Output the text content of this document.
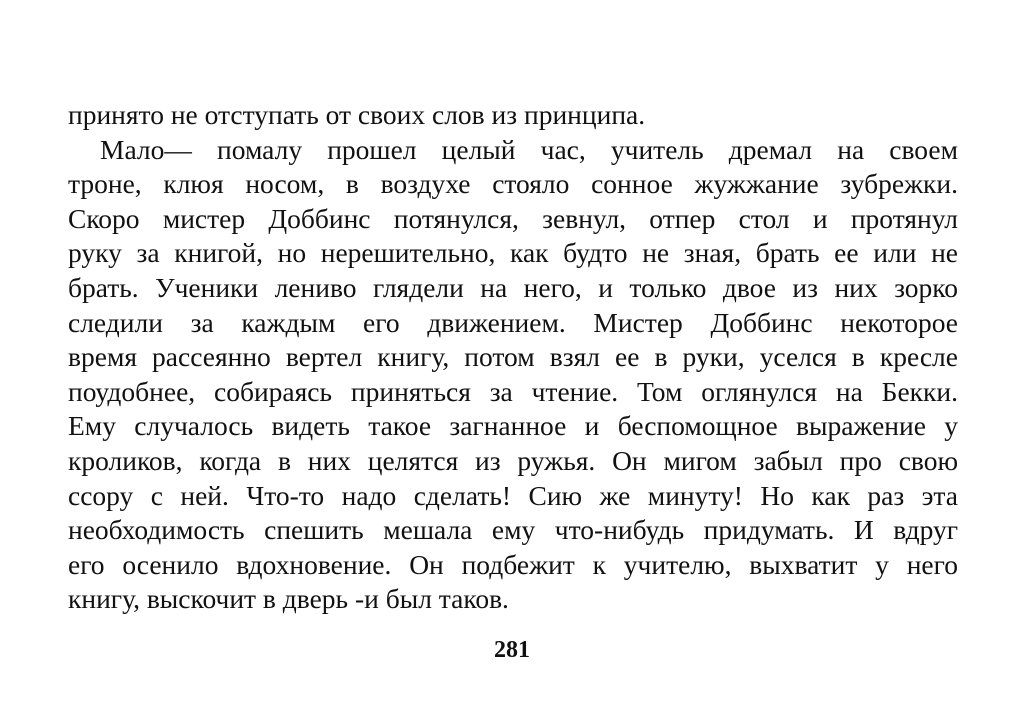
принято не отступать от своих слов из принципа.
Мало— помалу прошел целый час, учитель дремал на своем
троне, клюя носом, в воздухе стояло сонное жужжание зубрежки.
Скоро мистер Доббинс потянулся, зевнул, отпер стол и протянул
руку за книгой, но нерешительно, как будто не зная, брать ее или не
брать. Ученики лениво глядели на него, и только двое из них зорко
следили за каждым его движением. Мистер Доббинс некоторое
время рассеянно вертел книгу, потом взял ее в руки, уселся в кресле
поудобнее, собираясь приняться за чтение. Том оглянулся на Бекки.
Ему случалось видеть такое загнанное и беспомощное выражение у
кроликов, когда в них целятся из ружья. Он мигом забыл про свою
ссору с ней. Что-то надо сделать! Сию же минуту! Но как раз эта
необходимость спешить мешала ему что-нибудь придумать. И вдруг
его осенило вдохновение. Он подбежит к учителю, выхватит у него
книгу, выскочит в дверь -и был таков.
281
